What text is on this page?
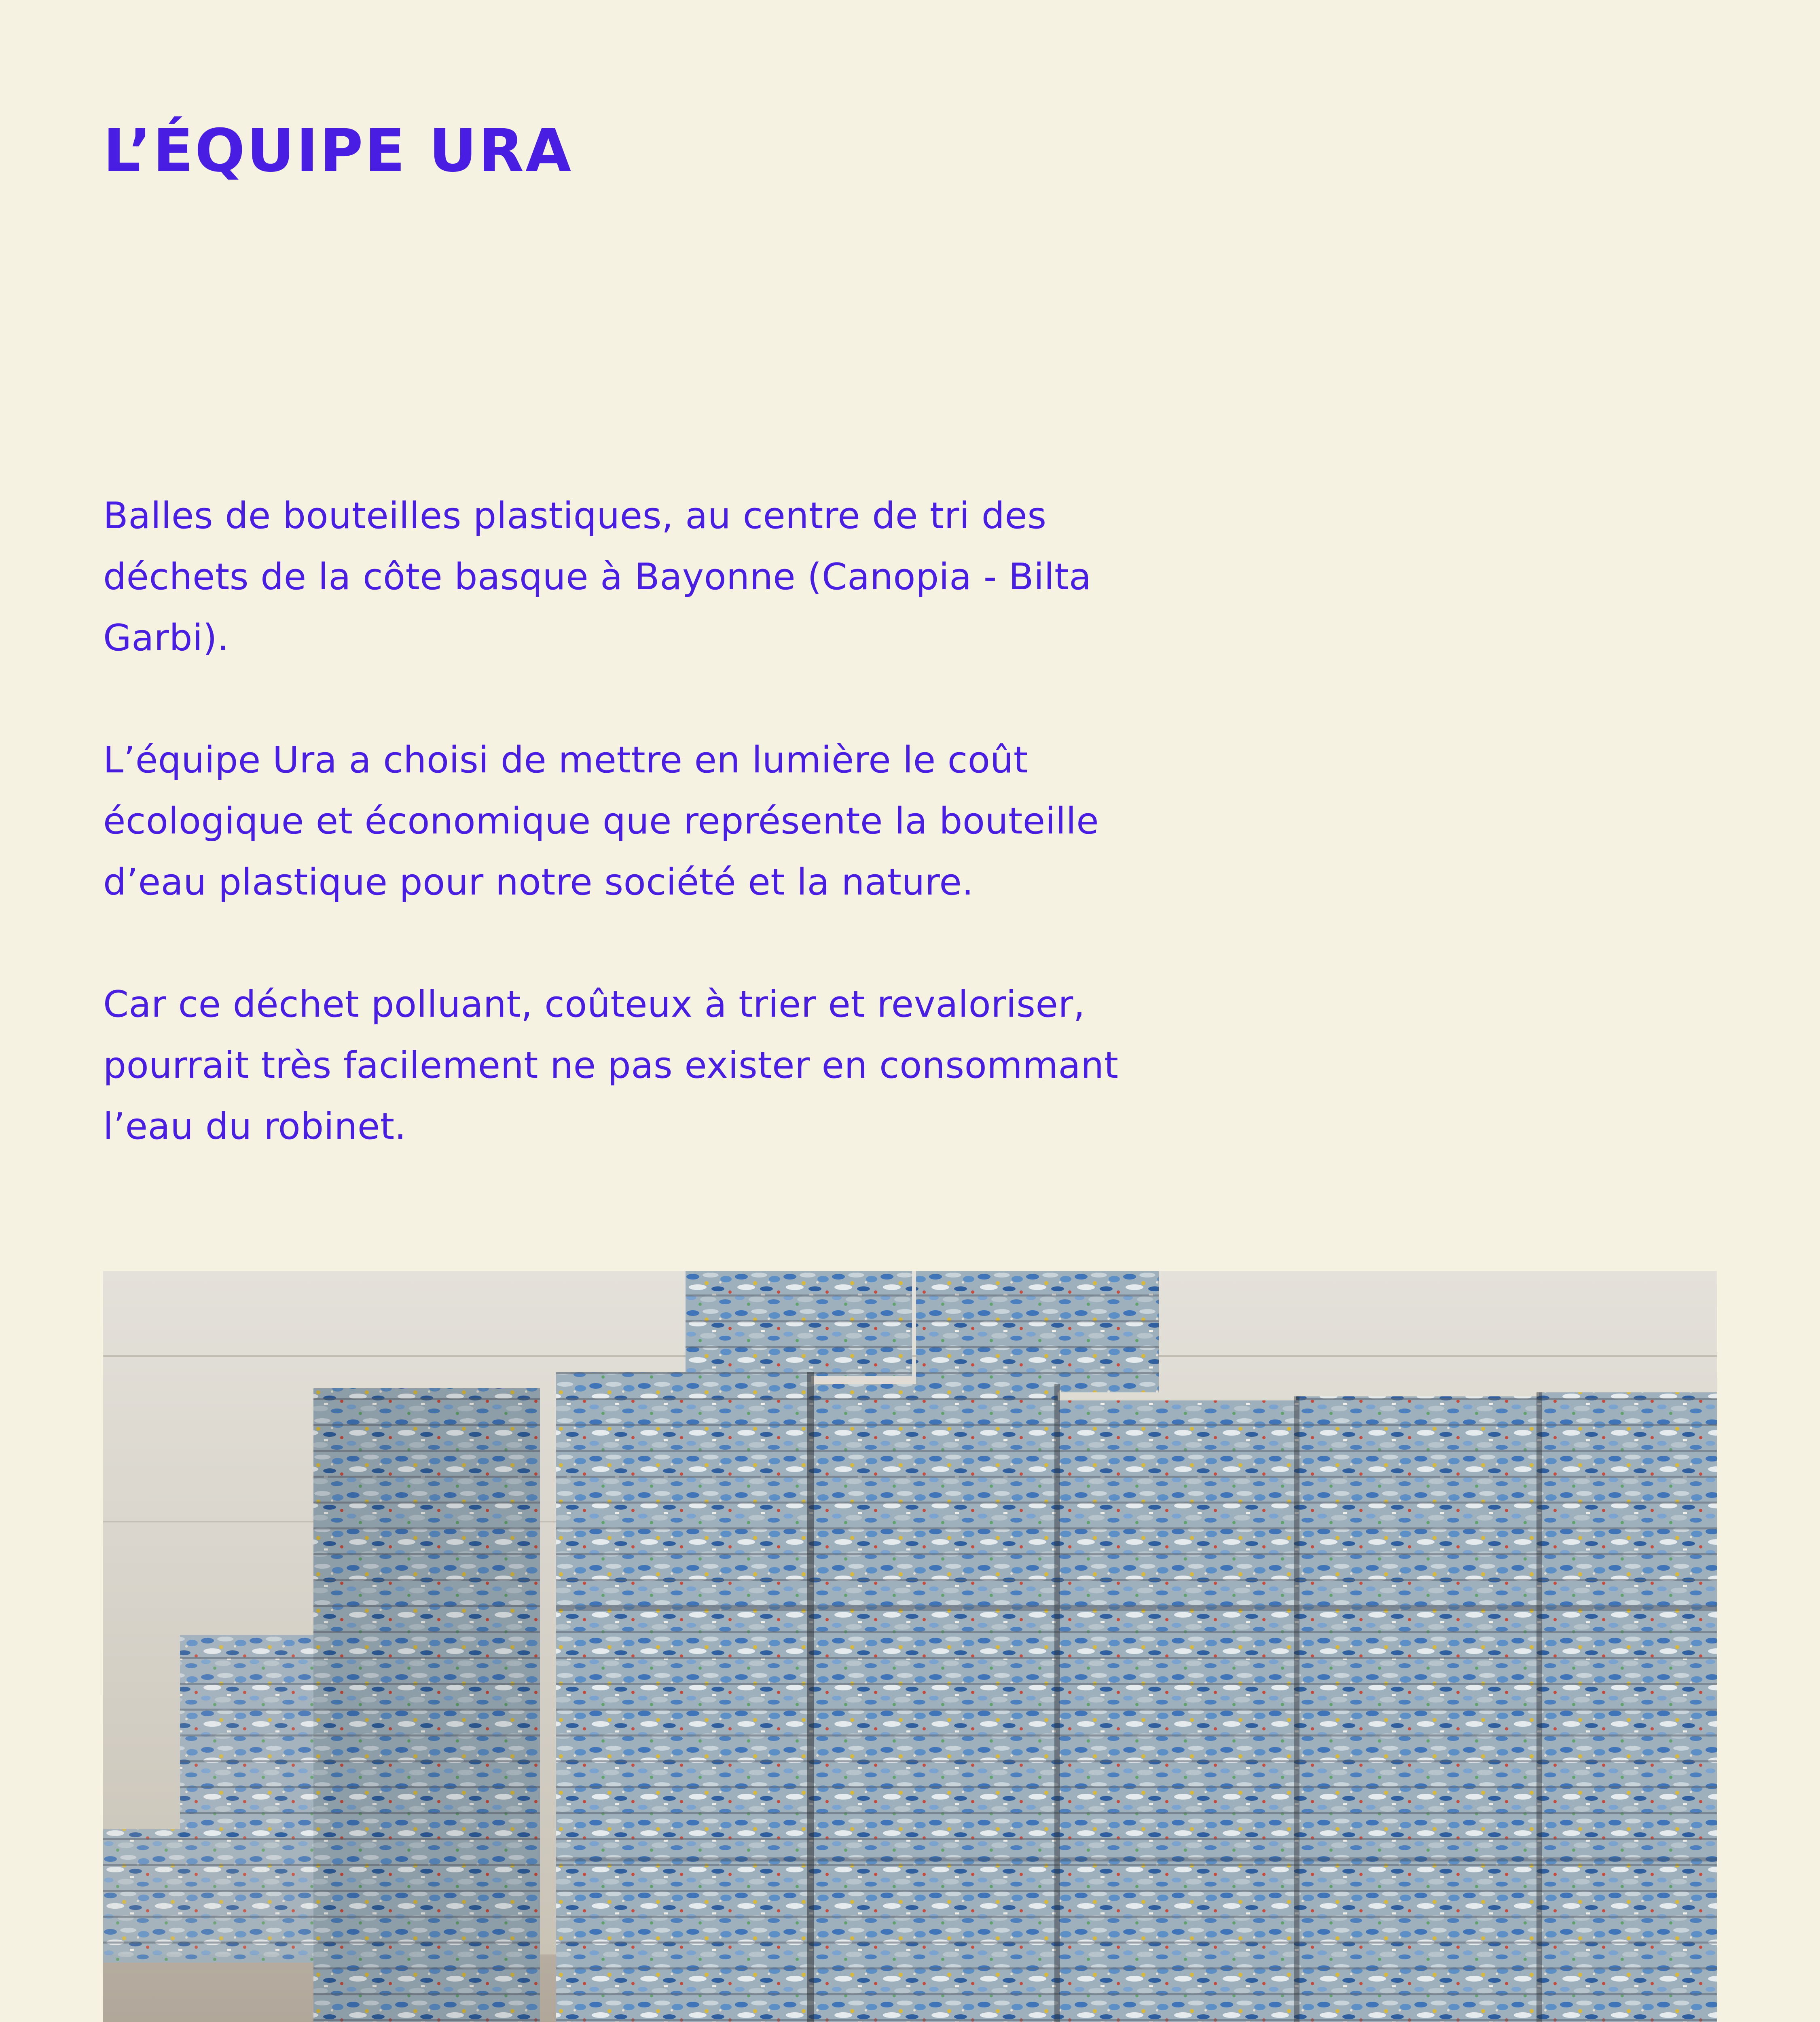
L’ÉQUIPE URA

Balles de bouteilles plastiques, au centre de tri des déchets de la côte basque à Bayonne (Canopia - Bilta Garbi).

L’équipe Ura a choisi de mettre en lumière le coût écologique et économique que représente la bouteille d’eau plastique pour notre société et la nature.

Car ce déchet polluant, coûteux à trier et revaloriser, pourrait très facilement ne pas exister en consommant l’eau du robinet.
